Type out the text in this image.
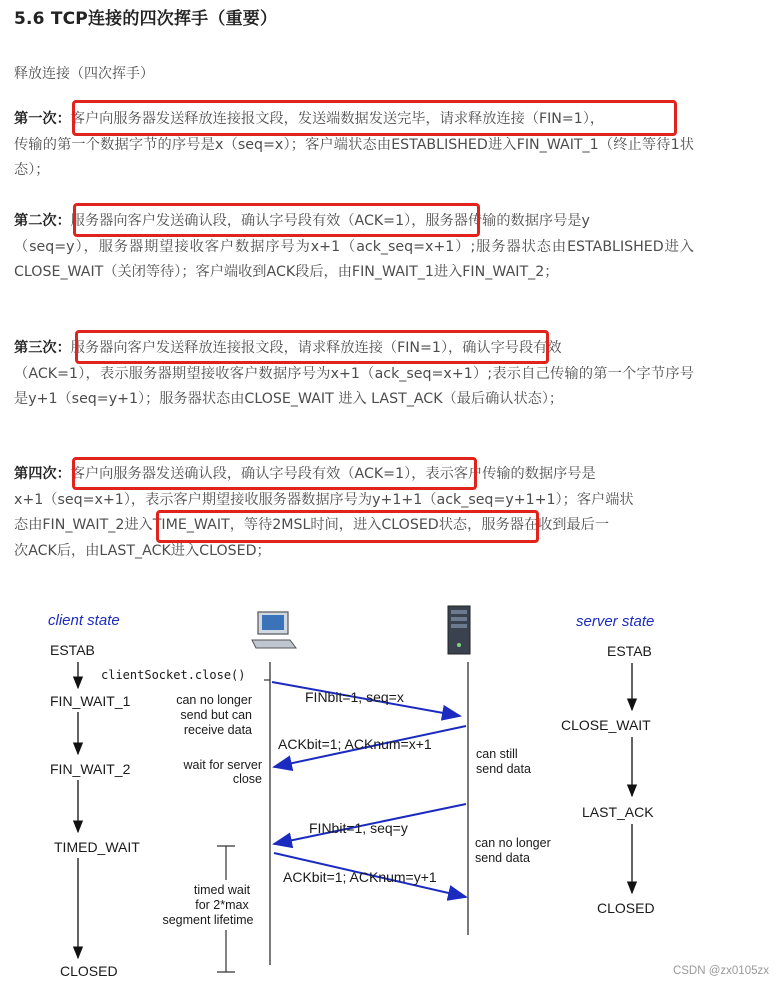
5.6 TCP连接的四次挥手（重要）
释放连接（四次挥手）
第一次：客户向服务器发送释放连接报文段，发送端数据发送完毕，请求释放连接（FIN=1），
传输的第一个数据字节的序号是x（seq=x）；客户端状态由ESTABLISHED进入FIN_WAIT_1（终止等待1状态）；
第二次：服务器向客户发送确认段，确认字号段有效（ACK=1），服务器传输的数据序号是y
（seq=y），服务器期望接收客户数据序号为x+1（ack_seq=x+1）;服务器状态由ESTABLISHED进入CLOSE_WAIT（关闭等待）；客户端收到ACK段后，由FIN_WAIT_1进入FIN_WAIT_2；
第三次：服务器向客户发送释放连接报文段，请求释放连接（FIN=1），确认字号段有效
（ACK=1），表示服务器期望接收客户数据序号为x+1（ack_seq=x+1）;表示自己传输的第一个字节序号是y+1（seq=y+1）；服务器状态由CLOSE_WAIT 进入 LAST_ACK（最后确认状态）；
第四次：客户向服务器发送确认段，确认字号段有效（ACK=1），表示客户传输的数据序号是
x+1（seq=x+1），表示客户期望接收服务器数据序号为y+1+1（ack_seq=y+1+1）；客户端状
态由FIN_WAIT_2进入TIME_WAIT，等待2MSL时间，进入CLOSED状态，服务器在收到最后一
次ACK后，由LAST_ACK进入CLOSED；
client state	server state
ESTAB
FIN_WAIT_1
FIN_WAIT_2
TIMED_WAIT
CLOSED
ESTAB
CLOSE_WAIT
LAST_ACK
CLOSED
clientSocket.close()
FINbit=1, seq=x
ACKbit=1; ACKnum=x+1
FINbit=1, seq=y
ACKbit=1; ACKnum=y+1
can no longer
send but can
receive data
wait for server
close
timed wait
for 2*max
segment lifetime
can still
send data
can no longer
send data
CSDN @zx0105zx
